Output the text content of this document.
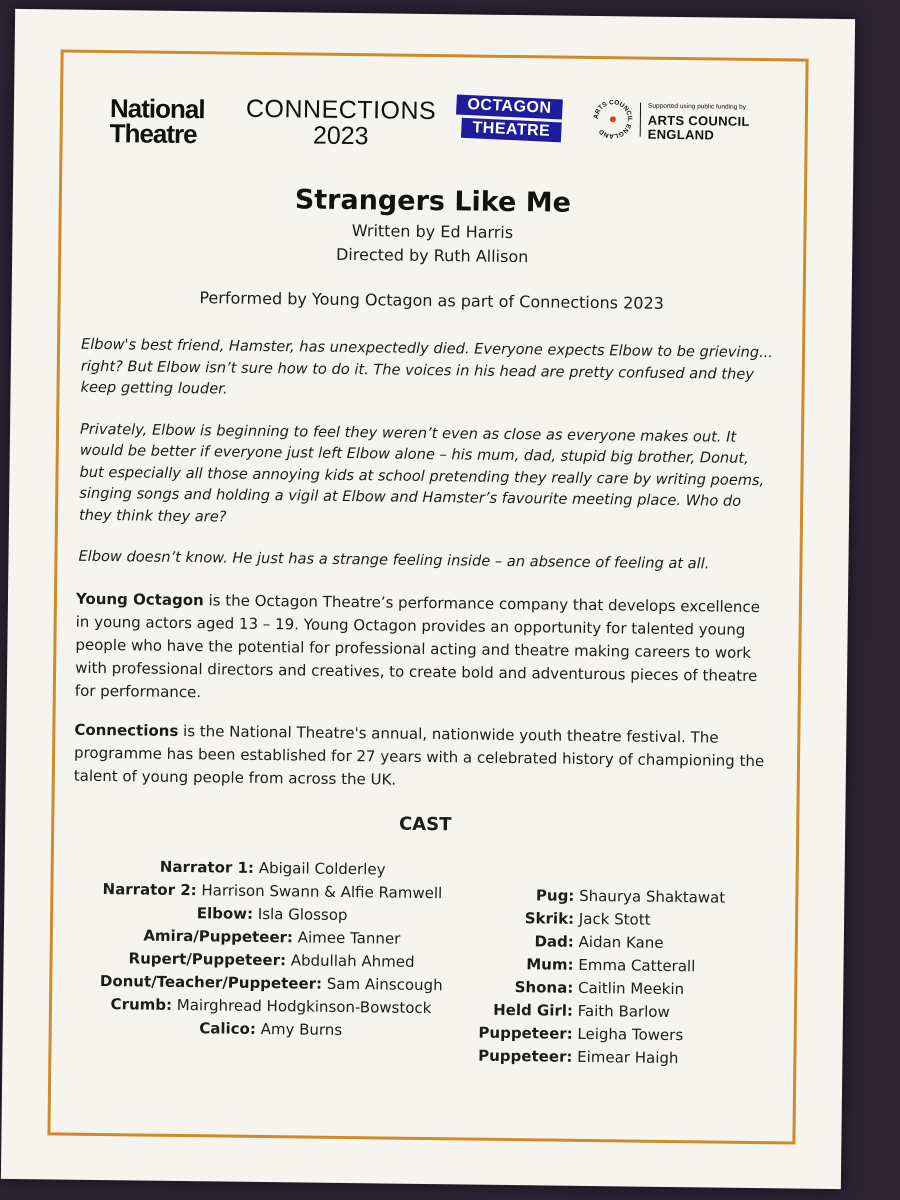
National
Theatre
CONNECTIONS
2023
OCTAGON
THEATRE
ARTS COUNCIL ENGLAND
Supported using public funding by
ARTS COUNCIL
ENGLAND
Strangers Like Me

Written by Ed Harris

Directed by Ruth Allison

Performed by Young Octagon as part of Connections 2023

Elbow's best friend, Hamster, has unexpectedly died. Everyone expects Elbow to be grieving... right? But Elbow isn’t sure how to do it. The voices in his head are pretty confused and they keep getting louder.

Privately, Elbow is beginning to feel they weren’t even as close as everyone makes out. It would be better if everyone just left Elbow alone – his mum, dad, stupid big brother, Donut, but especially all those annoying kids at school pretending they really care by writing poems, singing songs and holding a vigil at Elbow and Hamster’s favourite meeting place. Who do they think they are?

Elbow doesn’t know. He just has a strange feeling inside – an absence of feeling at all.

Young Octagon is the Octagon Theatre’s performance company that develops excellence in young actors aged 13 – 19. Young Octagon provides an opportunity for talented young people who have the potential for professional acting and theatre making careers to work with professional directors and creatives, to create bold and adventurous pieces of theatre for performance.

Connections is the National Theatre's annual, nationwide youth theatre festival. The programme has been established for 27 years with a celebrated history of championing the talent of young people from across the UK.

CAST
Narrator 1: Abigail Colderley
Narrator 2: Harrison Swann & Alfie Ramwell
Elbow: Isla Glossop
Amira/Puppeteer: Aimee Tanner
Rupert/Puppeteer: Abdullah Ahmed
Donut/Teacher/Puppeteer: Sam Ainscough
Crumb: Mairghread Hodgkinson-Bowstock
Calico: Amy Burns
Pug: Shaurya Shaktawat
Skrik: Jack Stott
Dad: Aidan Kane
Mum: Emma Catterall
Shona: Caitlin Meekin
Held Girl: Faith Barlow
Puppeteer: Leigha Towers
Puppeteer: Eimear Haigh
